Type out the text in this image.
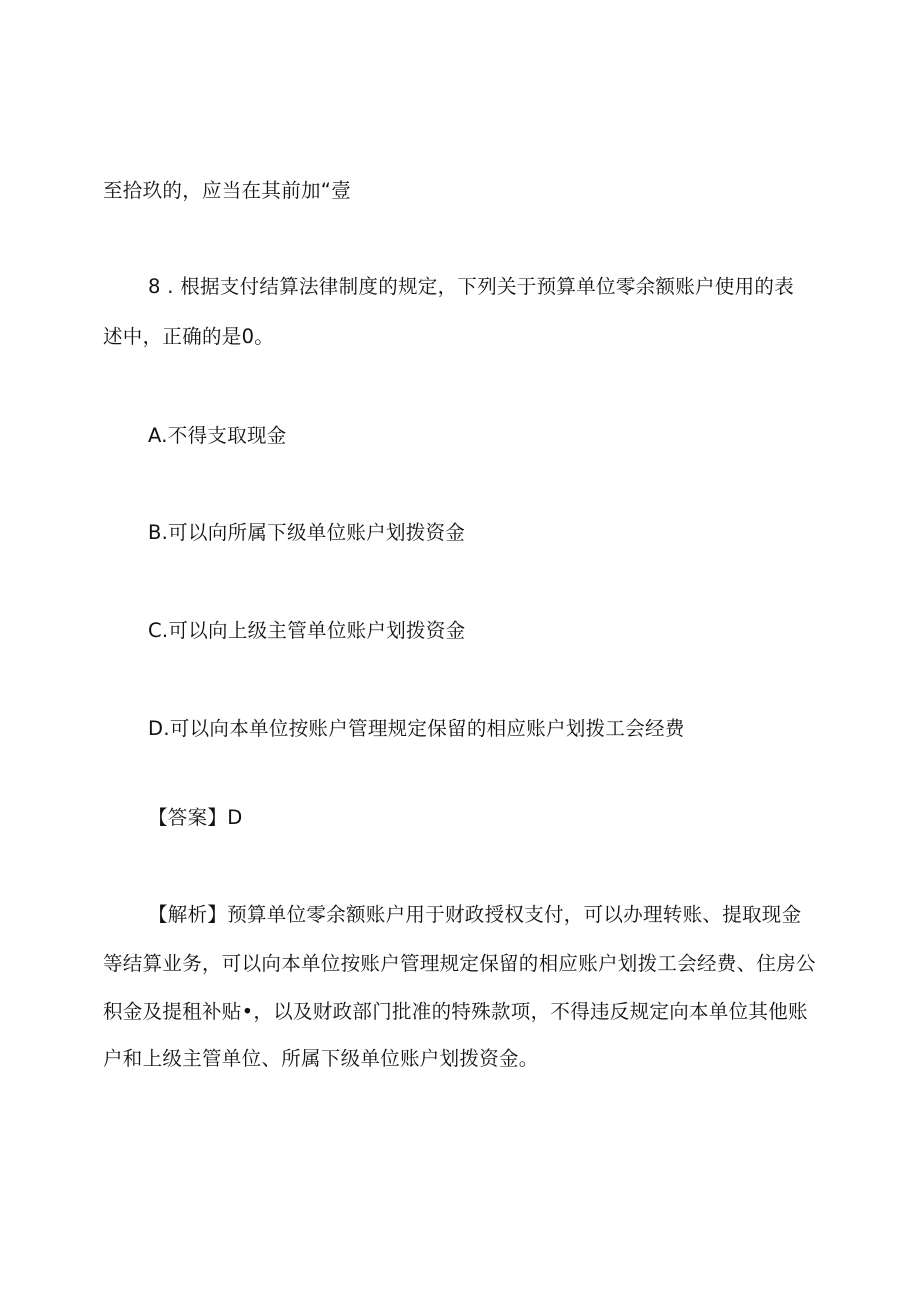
至拾玖的，应当在其前加“壹
8 . 根据支付结算法律制度的规定，下列关于预算单位零余额账户使用的表
述中，正确的是0。
A.不得支取现金
B.可以向所属下级单位账户划拨资金
C.可以向上级主管单位账户划拨资金
D.可以向本单位按账户管理规定保留的相应账户划拨工会经费
【答案】D
【解析】预算单位零余额账户用于财政授权支付，可以办理转账、提取现金
等结算业务，可以向本单位按账户管理规定保留的相应账户划拨工会经费、住房公
积金及提租补贴•，以及财政部门批准的特殊款项，不得违反规定向本单位其他账
户和上级主管单位、所属下级单位账户划拨资金。
